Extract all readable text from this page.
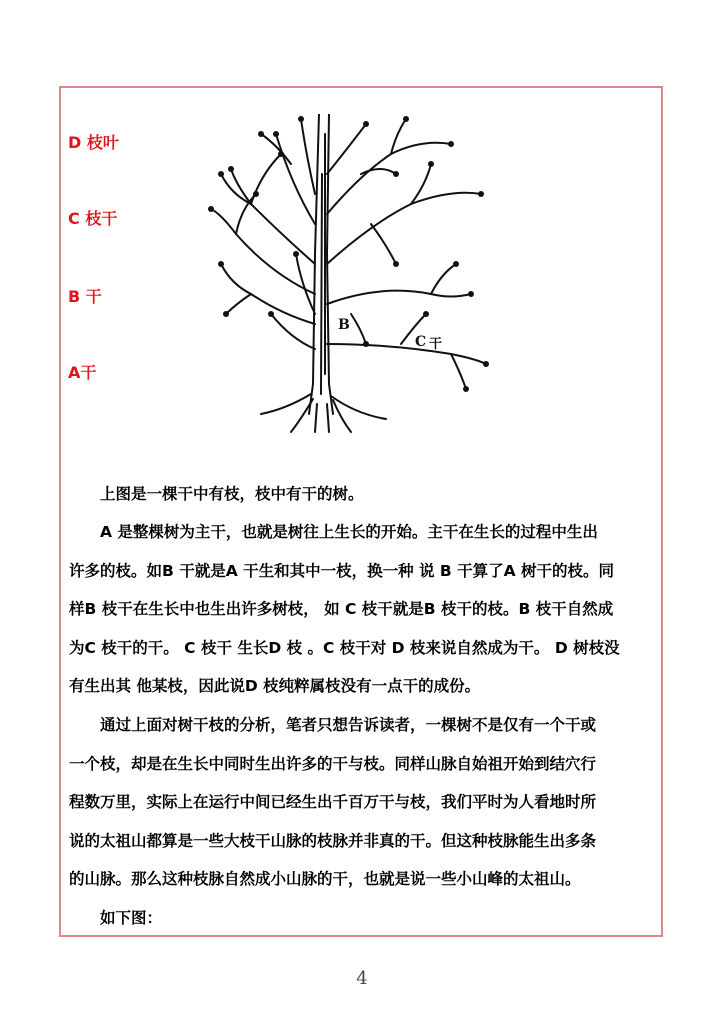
D 枝叶
C 枝干
B 干
A干
B
C 干
上图是一棵干中有枝，枝中有干的树。
A 是整棵树为主干，也就是树往上生长的开始。主干在生长的过程中生出
许多的枝。如B 干就是A 干生和其中一枝，换一种 说 B 干算了A 树干的枝。同
样B 枝干在生长中也生出许多树枝， 如 C 枝干就是B 枝干的枝。B 枝干自然成
为C 枝干的干。 C 枝干 生长D 枝 。C 枝干对 D 枝来说自然成为干。 D 树枝没
有生出其 他某枝，因此说D 枝纯粹属枝没有一点干的成份。
通过上面对树干枝的分析，笔者只想告诉读者，一棵树不是仅有一个干或
一个枝，却是在生长中同时生出许多的干与枝。同样山脉自始祖开始到结穴行
程数万里，实际上在运行中间已经生出千百万干与枝，我们平时为人看地时所
说的太祖山都算是一些大枝干山脉的枝脉并非真的干。但这种枝脉能生出多条
的山脉。那么这种枝脉自然成小山脉的干，也就是说一些小山峰的太祖山。
如下图：
4
